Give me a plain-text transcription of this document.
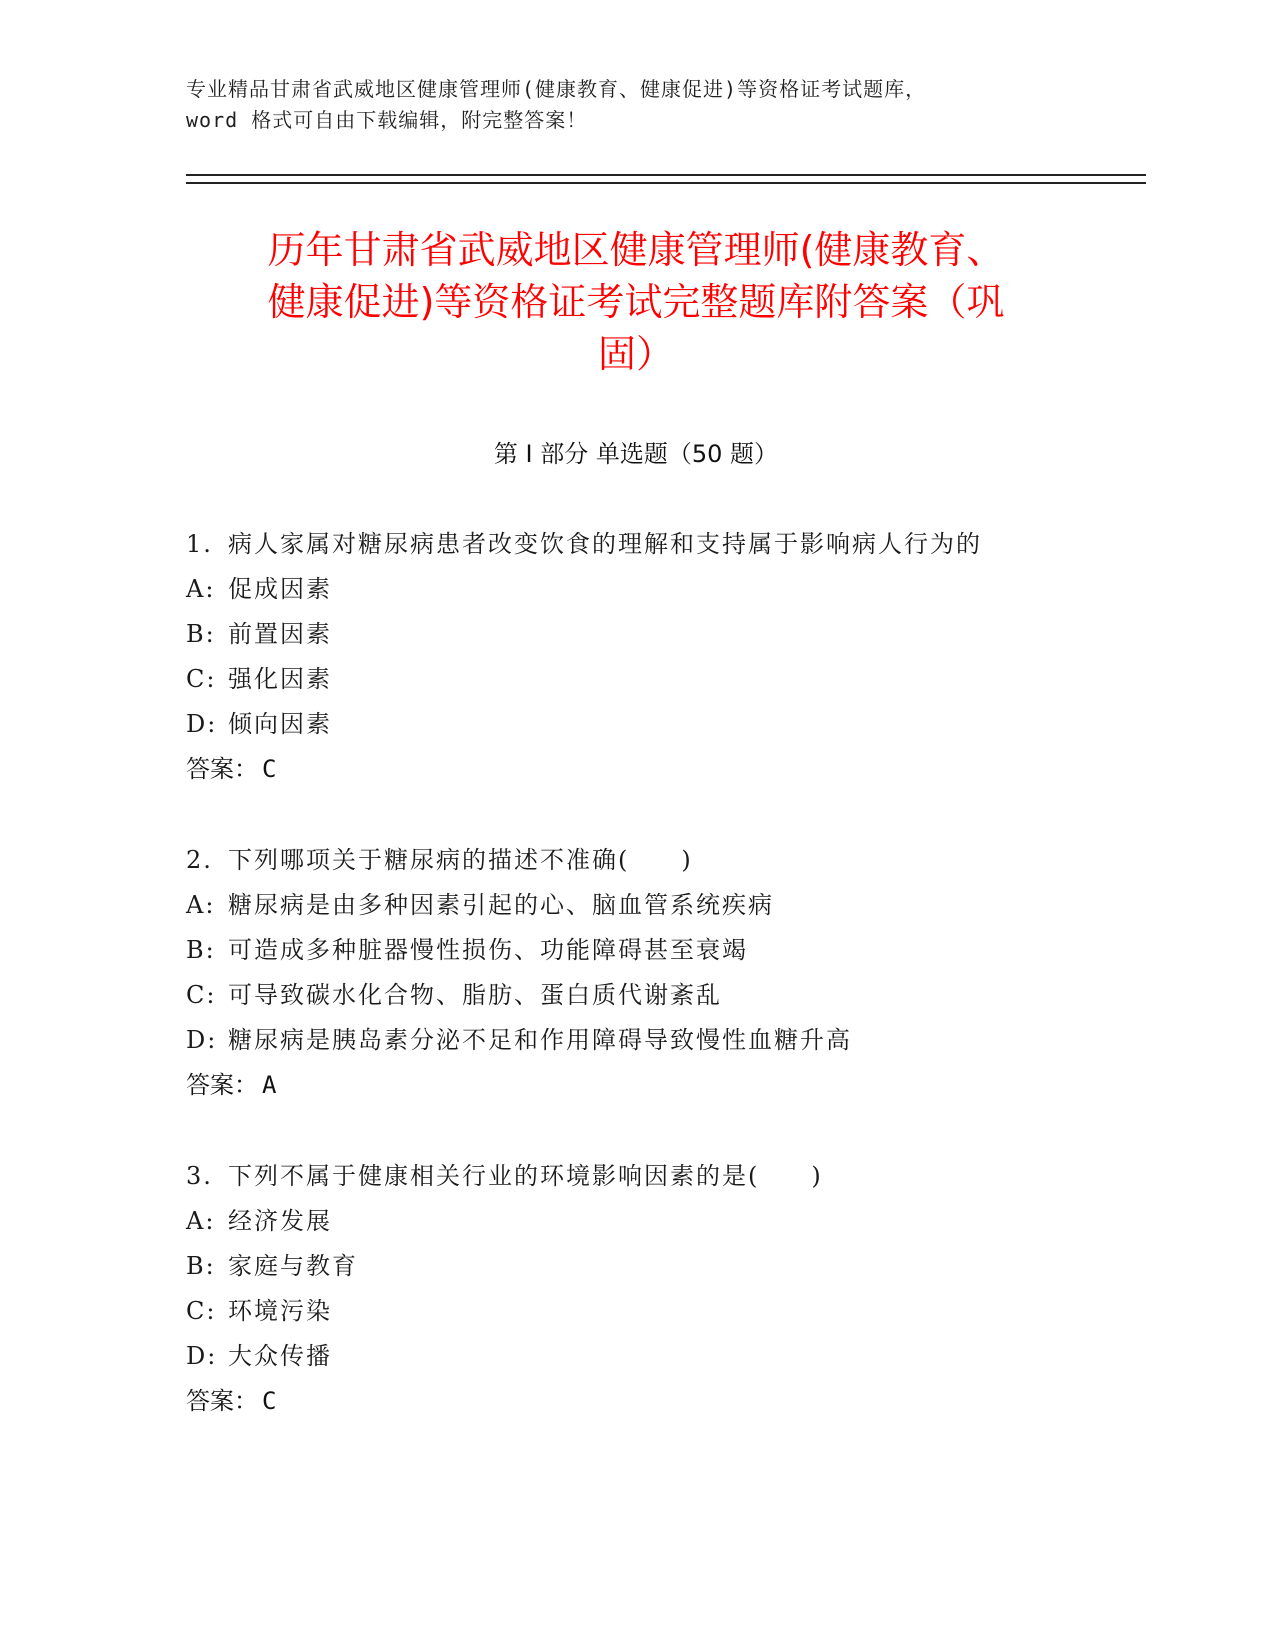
专业精品甘肃省武威地区健康管理师(健康教育、健康促进)等资格证考试题库，
word 格式可自由下载编辑，附完整答案！
历年甘肃省武威地区健康管理师(健康教育、
健康促进)等资格证考试完整题库附答案（巩
固）
第 I 部分 单选题（50 题）
1. 病人家属对糖尿病患者改变饮食的理解和支持属于影响病人行为的
A: 促成因素
B: 前置因素
C: 强化因素
D: 倾向因素
答案： C
2. 下列哪项关于糖尿病的描述不准确(　　)
A: 糖尿病是由多种因素引起的心、脑血管系统疾病
B: 可造成多种脏器慢性损伤、功能障碍甚至衰竭
C: 可导致碳水化合物、脂肪、蛋白质代谢紊乱
D: 糖尿病是胰岛素分泌不足和作用障碍导致慢性血糖升高
答案： A
3. 下列不属于健康相关行业的环境影响因素的是(　　)
A: 经济发展
B: 家庭与教育
C: 环境污染
D: 大众传播
答案： C
